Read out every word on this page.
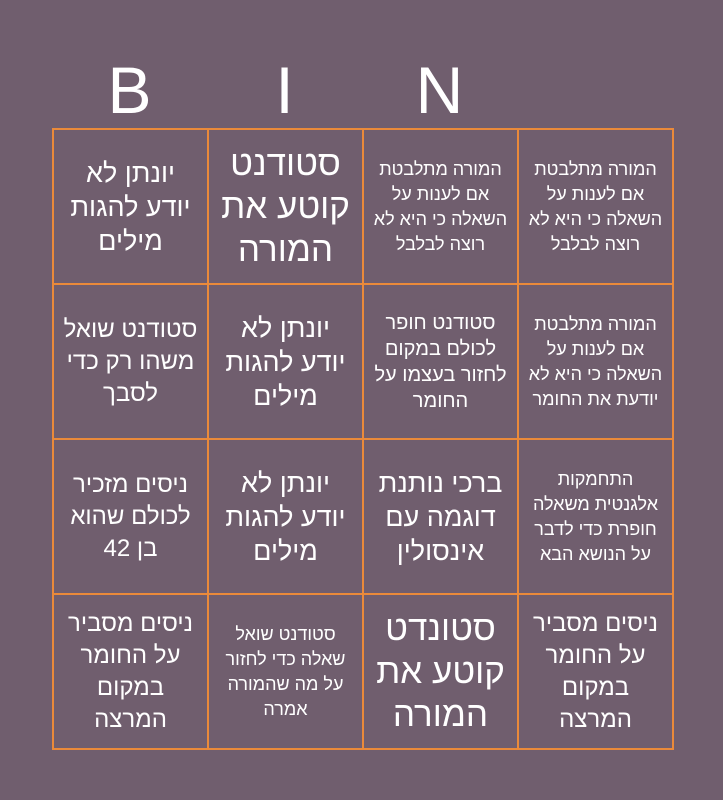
B	I	N
יונתן לא יודע להגות מילים
סטודנט קוטע את המורה
המורה מתלבטת אם לענות על השאלה כי היא לא רוצה לבלבל
המורה מתלבטת אם לענות על השאלה כי היא לא רוצה לבלבל
סטודנט שואל משהו רק כדי לסבך
יונתן לא יודע להגות מילים
סטודנט חופר לכולם במקום לחזור בעצמו על החומר
המורה מתלבטת אם לענות על השאלה כי היא לא יודעת את החומר
ניסים מזכיר לכולם שהוא בן 42
יונתן לא יודע להגות מילים
ברכי נותנת דוגמה עם אינסולין
התחמקות אלגנטית משאלה חופרת כדי לדבר על הנושא הבא
ניסים מסביר על החומר במקום המרצה
סטודנט שואל שאלה כדי לחזור על מה שהמורה אמרה
סטונדט קוטע את המורה
ניסים מסביר על החומר במקום המרצה
